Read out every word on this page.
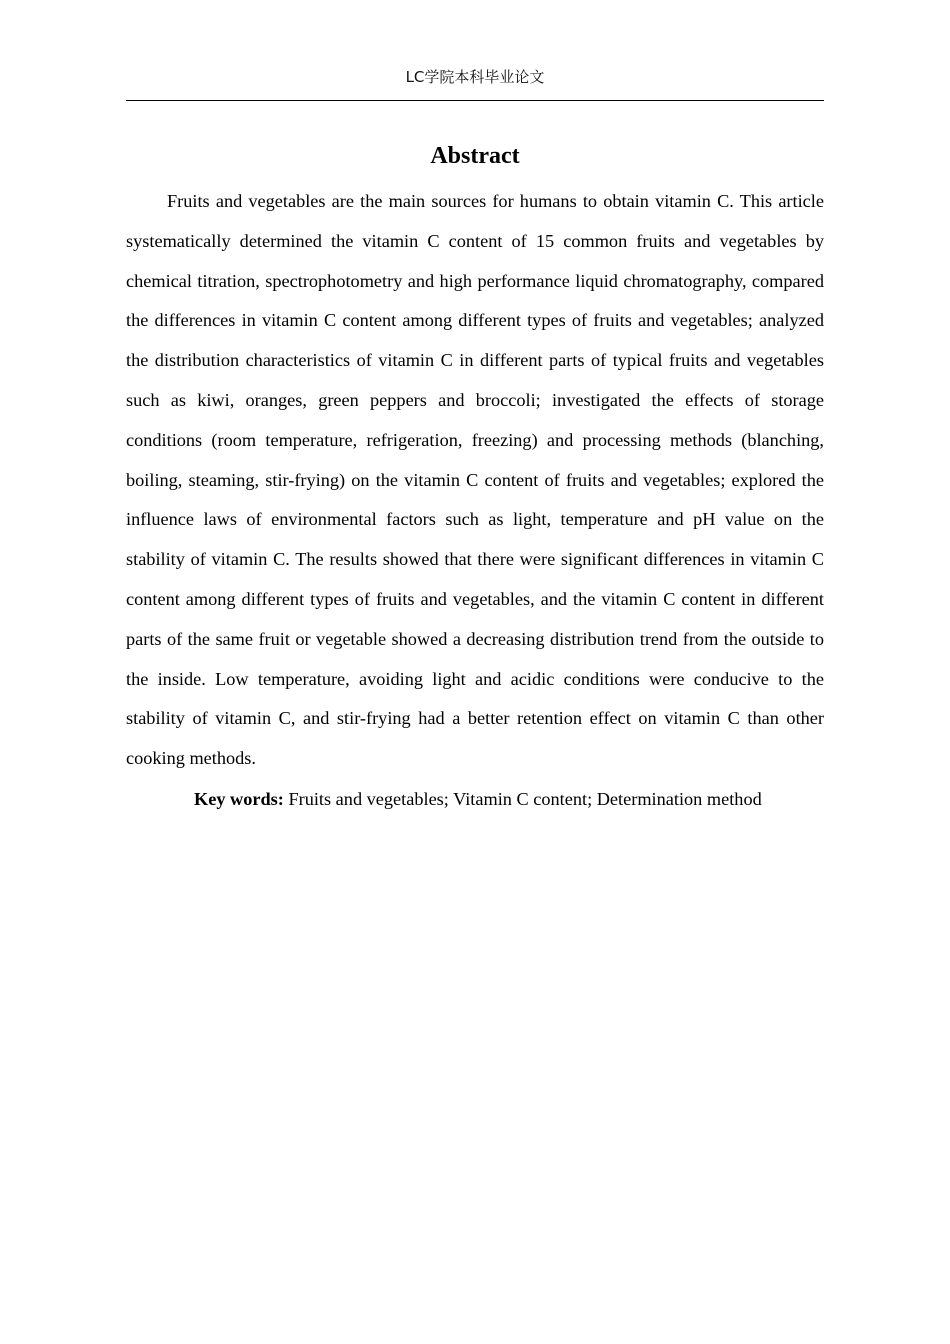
LC学院本科毕业论文
Abstract

Fruits and vegetables are the main sources for humans to obtain vitamin C. This article systematically determined the vitamin C content of 15 common fruits and vegetables by chemical titration, spectrophotometry and high performance liquid chromatography, compared the differences in vitamin C content among different types of fruits and vegetables; analyzed the distribution characteristics of vitamin C in different parts of typical fruits and vegetables such as kiwi, oranges, green peppers and broccoli; investigated the effects of storage conditions (room temperature, refrigeration, freezing) and processing methods (blanching, boiling, steaming, stir-frying) on the vitamin C content of fruits and vegetables; explored the influence laws of environmental factors such as light, temperature and pH value on the stability of vitamin C. The results showed that there were significant differences in vitamin C content among different types of fruits and vegetables, and the vitamin C content in different parts of the same fruit or vegetable showed a decreasing distribution trend from the outside to the inside. Low temperature, avoiding light and acidic conditions were conducive to the stability of vitamin C, and stir-frying had a better retention effect on vitamin C than other cooking methods.

Key words: Fruits and vegetables; Vitamin C content; Determination method
